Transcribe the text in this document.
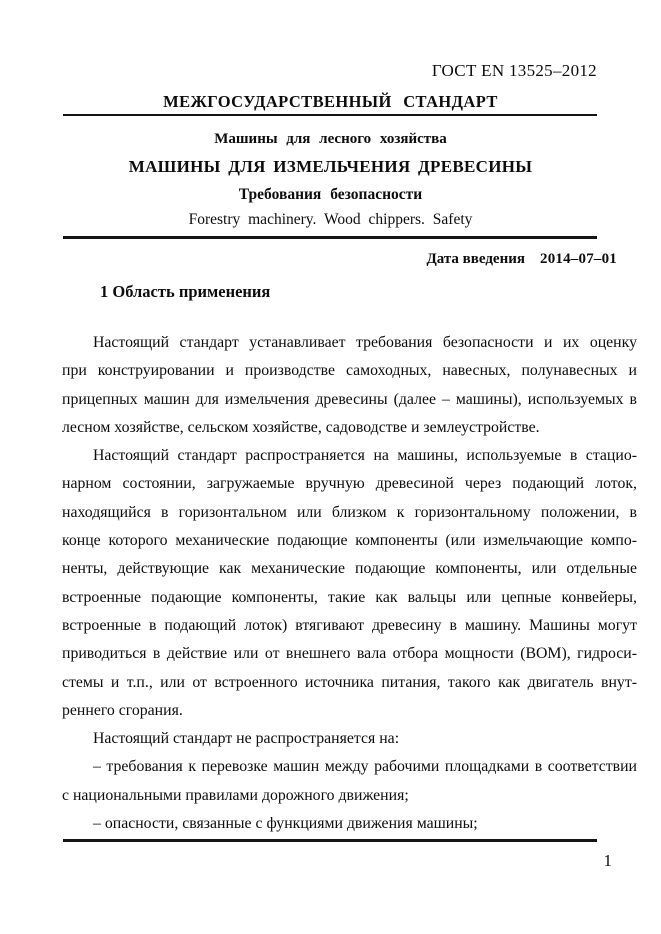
ГОСТ EN 13525–2012
МЕЖГОСУДАРСТВЕННЫЙ СТАНДАРТ
Машины для лесного хозяйства
МАШИНЫ ДЛЯ ИЗМЕЛЬЧЕНИЯ ДРЕВЕСИНЫ
Требования безопасности
Forestry machinery. Wood chippers. Safety
Дата введения 2014–07–01
1 Область применения
Настоящий стандарт устанавливает требования безопасности и их оценку
при конструировании и производстве самоходных, навесных, полунавесных и
прицепных машин для измельчения древесины (далее – машины), используемых в
лесном хозяйстве, сельском хозяйстве, садоводстве и землеустройстве.
Настоящий стандарт распространяется на машины, используемые в стацио-
нарном состоянии, загружаемые вручную древесиной через подающий лоток,
находящийся в горизонтальном или близком к горизонтальному положении, в
конце которого механические подающие компоненты (или измельчающие компо-
ненты, действующие как механические подающие компоненты, или отдельные
встроенные подающие компоненты, такие как вальцы или цепные конвейеры,
встроенные в подающий лоток) втягивают древесину в машину. Машины могут
приводиться в действие или от внешнего вала отбора мощности (ВОМ), гидроси-
стемы и т.п., или от встроенного источника питания, такого как двигатель внут-
реннего сгорания.
Настоящий стандарт не распространяется на:
– требования к перевозке машин между рабочими площадками в соответствии
с национальными правилами дорожного движения;
– опасности, связанные с функциями движения машины;
1
